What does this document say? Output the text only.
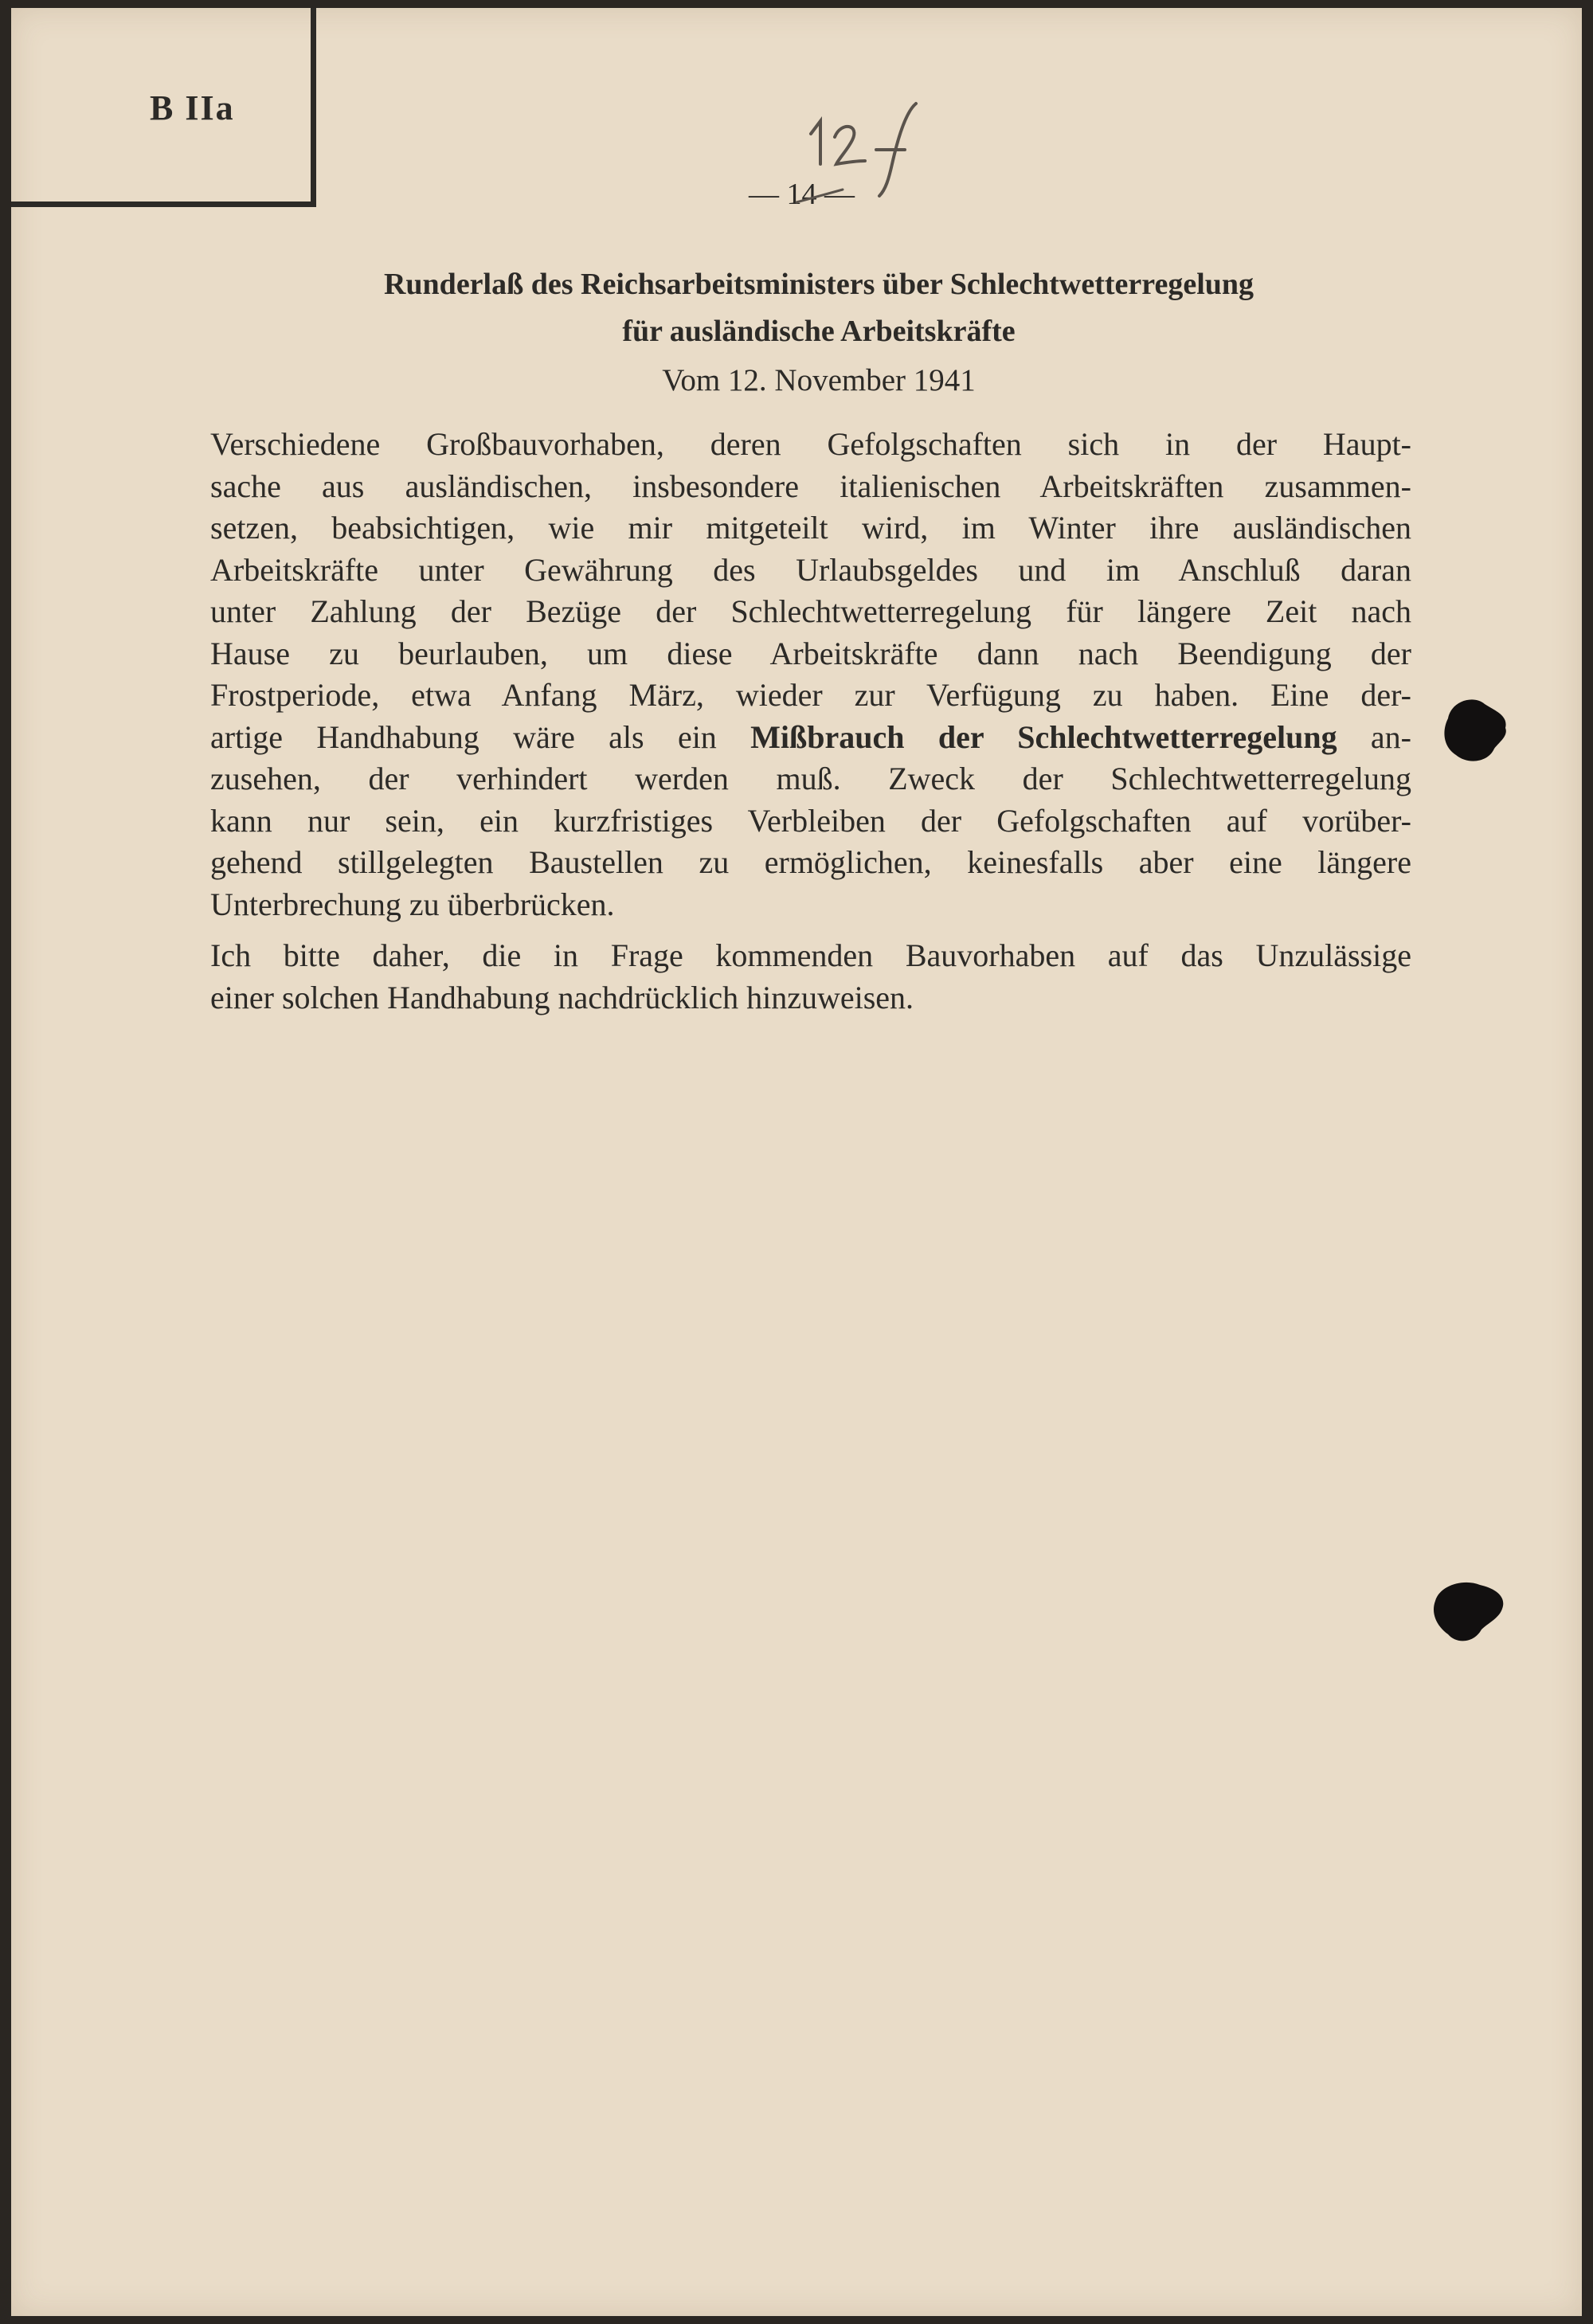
B IIa
— 14 —
Runderlaß des Reichsarbeitsministers über Schlechtwetterregelung
für ausländische Arbeitskräfte
Vom 12. November 1941
Verschiedene Großbauvorhaben, deren Gefolgschaften sich in der Haupt-
sache aus ausländischen, insbesondere italienischen Arbeitskräften zusammen-
setzen, beabsichtigen, wie mir mitgeteilt wird, im Winter ihre ausländischen
Arbeitskräfte unter Gewährung des Urlaubsgeldes und im Anschluß daran
unter Zahlung der Bezüge der Schlechtwetterregelung für längere Zeit nach
Hause zu beurlauben, um diese Arbeitskräfte dann nach Beendigung der
Frostperiode, etwa Anfang März, wieder zur Verfügung zu haben. Eine der-
artige Handhabung wäre als ein Mißbrauch der Schlechtwetterregelung an-
zusehen, der verhindert werden muß. Zweck der Schlechtwetterregelung
kann nur sein, ein kurzfristiges Verbleiben der Gefolgschaften auf vorüber-
gehend stillgelegten Baustellen zu ermöglichen, keinesfalls aber eine längere
Unterbrechung zu überbrücken.
Ich bitte daher, die in Frage kommenden Bauvorhaben auf das Unzulässige
einer solchen Handhabung nachdrücklich hinzuweisen.
